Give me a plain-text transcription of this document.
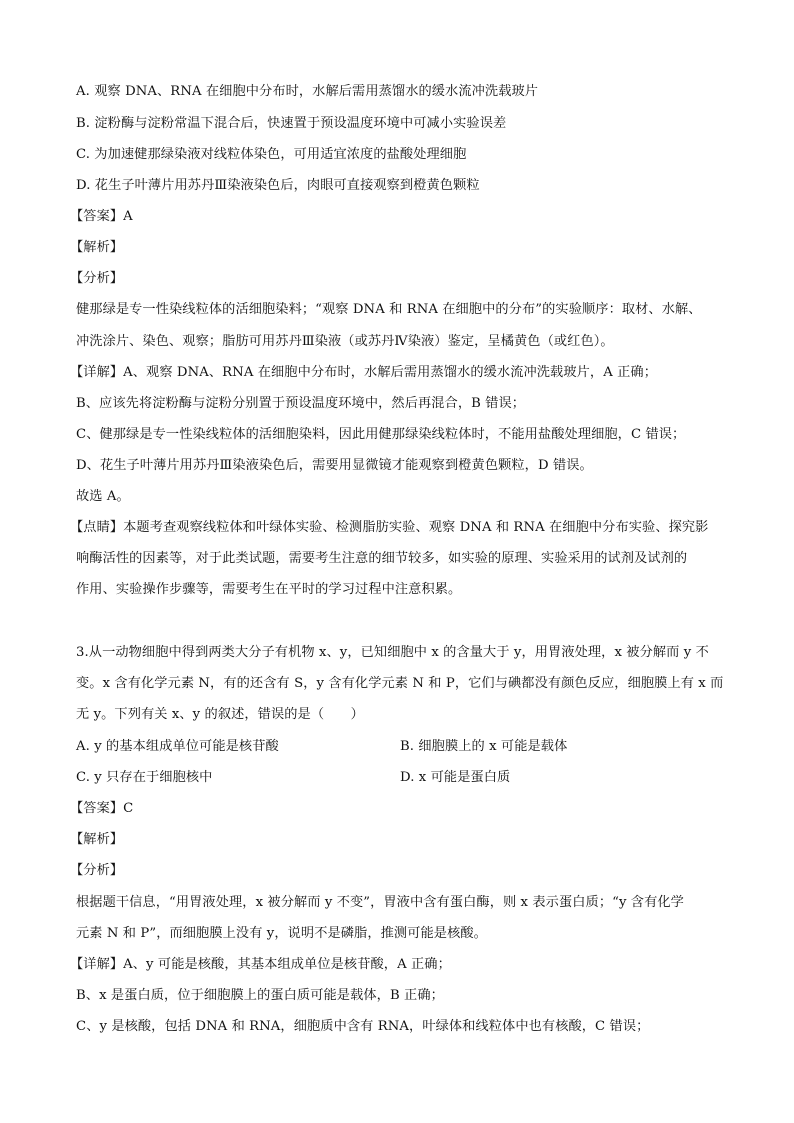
A. 观察 DNA、RNA 在细胞中分布时，水解后需用蒸馏水的缓水流冲洗载玻片
B. 淀粉酶与淀粉常温下混合后，快速置于预设温度环境中可减小实验误差
C. 为加速健那绿染液对线粒体染色，可用适宜浓度的盐酸处理细胞
D. 花生子叶薄片用苏丹Ⅲ染液染色后，肉眼可直接观察到橙黄色颗粒
【答案】A
【解析】
【分析】
健那绿是专一性染线粒体的活细胞染料；“观察 DNA 和 RNA 在细胞中的分布”的实验顺序：取材、水解、
冲洗涂片、染色、观察；脂肪可用苏丹Ⅲ染液（或苏丹Ⅳ染液）鉴定，呈橘黄色（或红色）。
【详解】A、观察 DNA、RNA 在细胞中分布时，水解后需用蒸馏水的缓水流冲洗载玻片，A 正确；
B、应该先将淀粉酶与淀粉分别置于预设温度环境中，然后再混合，B 错误；
C、健那绿是专一性染线粒体的活细胞染料，因此用健那绿染线粒体时，不能用盐酸处理细胞，C 错误；
D、花生子叶薄片用苏丹Ⅲ染液染色后，需要用显微镜才能观察到橙黄色颗粒，D 错误。
故选 A。
【点睛】本题考查观察线粒体和叶绿体实验、检测脂肪实验、观察 DNA 和 RNA 在细胞中分布实验、探究影
响酶活性的因素等，对于此类试题，需要考生注意的细节较多，如实验的原理、实验采用的试剂及试剂的
作用、实验操作步骤等，需要考生在平时的学习过程中注意积累。
3.从一动物细胞中得到两类大分子有机物 x、y，已知细胞中 x 的含量大于 y，用胃液处理，x 被分解而 y 不
变。x 含有化学元素 N，有的还含有 S，y 含有化学元素 N 和 P，它们与碘都没有颜色反应，细胞膜上有 x 而
无 y。下列有关 x、y 的叙述，错误的是（　　）
A. y 的基本组成单位可能是核苷酸	B. 细胞膜上的 x 可能是载体
C. y 只存在于细胞核中	D. x 可能是蛋白质
【答案】C
【解析】
【分析】
根据题干信息，“用胃液处理，x 被分解而 y 不变”，胃液中含有蛋白酶，则 x 表示蛋白质；“y 含有化学
元素 N 和 P”，而细胞膜上没有 y，说明不是磷脂，推测可能是核酸。
【详解】A、y 可能是核酸，其基本组成单位是核苷酸，A 正确；
B、x 是蛋白质，位于细胞膜上的蛋白质可能是载体，B 正确；
C、y 是核酸，包括 DNA 和 RNA，细胞质中含有 RNA，叶绿体和线粒体中也有核酸，C 错误；
